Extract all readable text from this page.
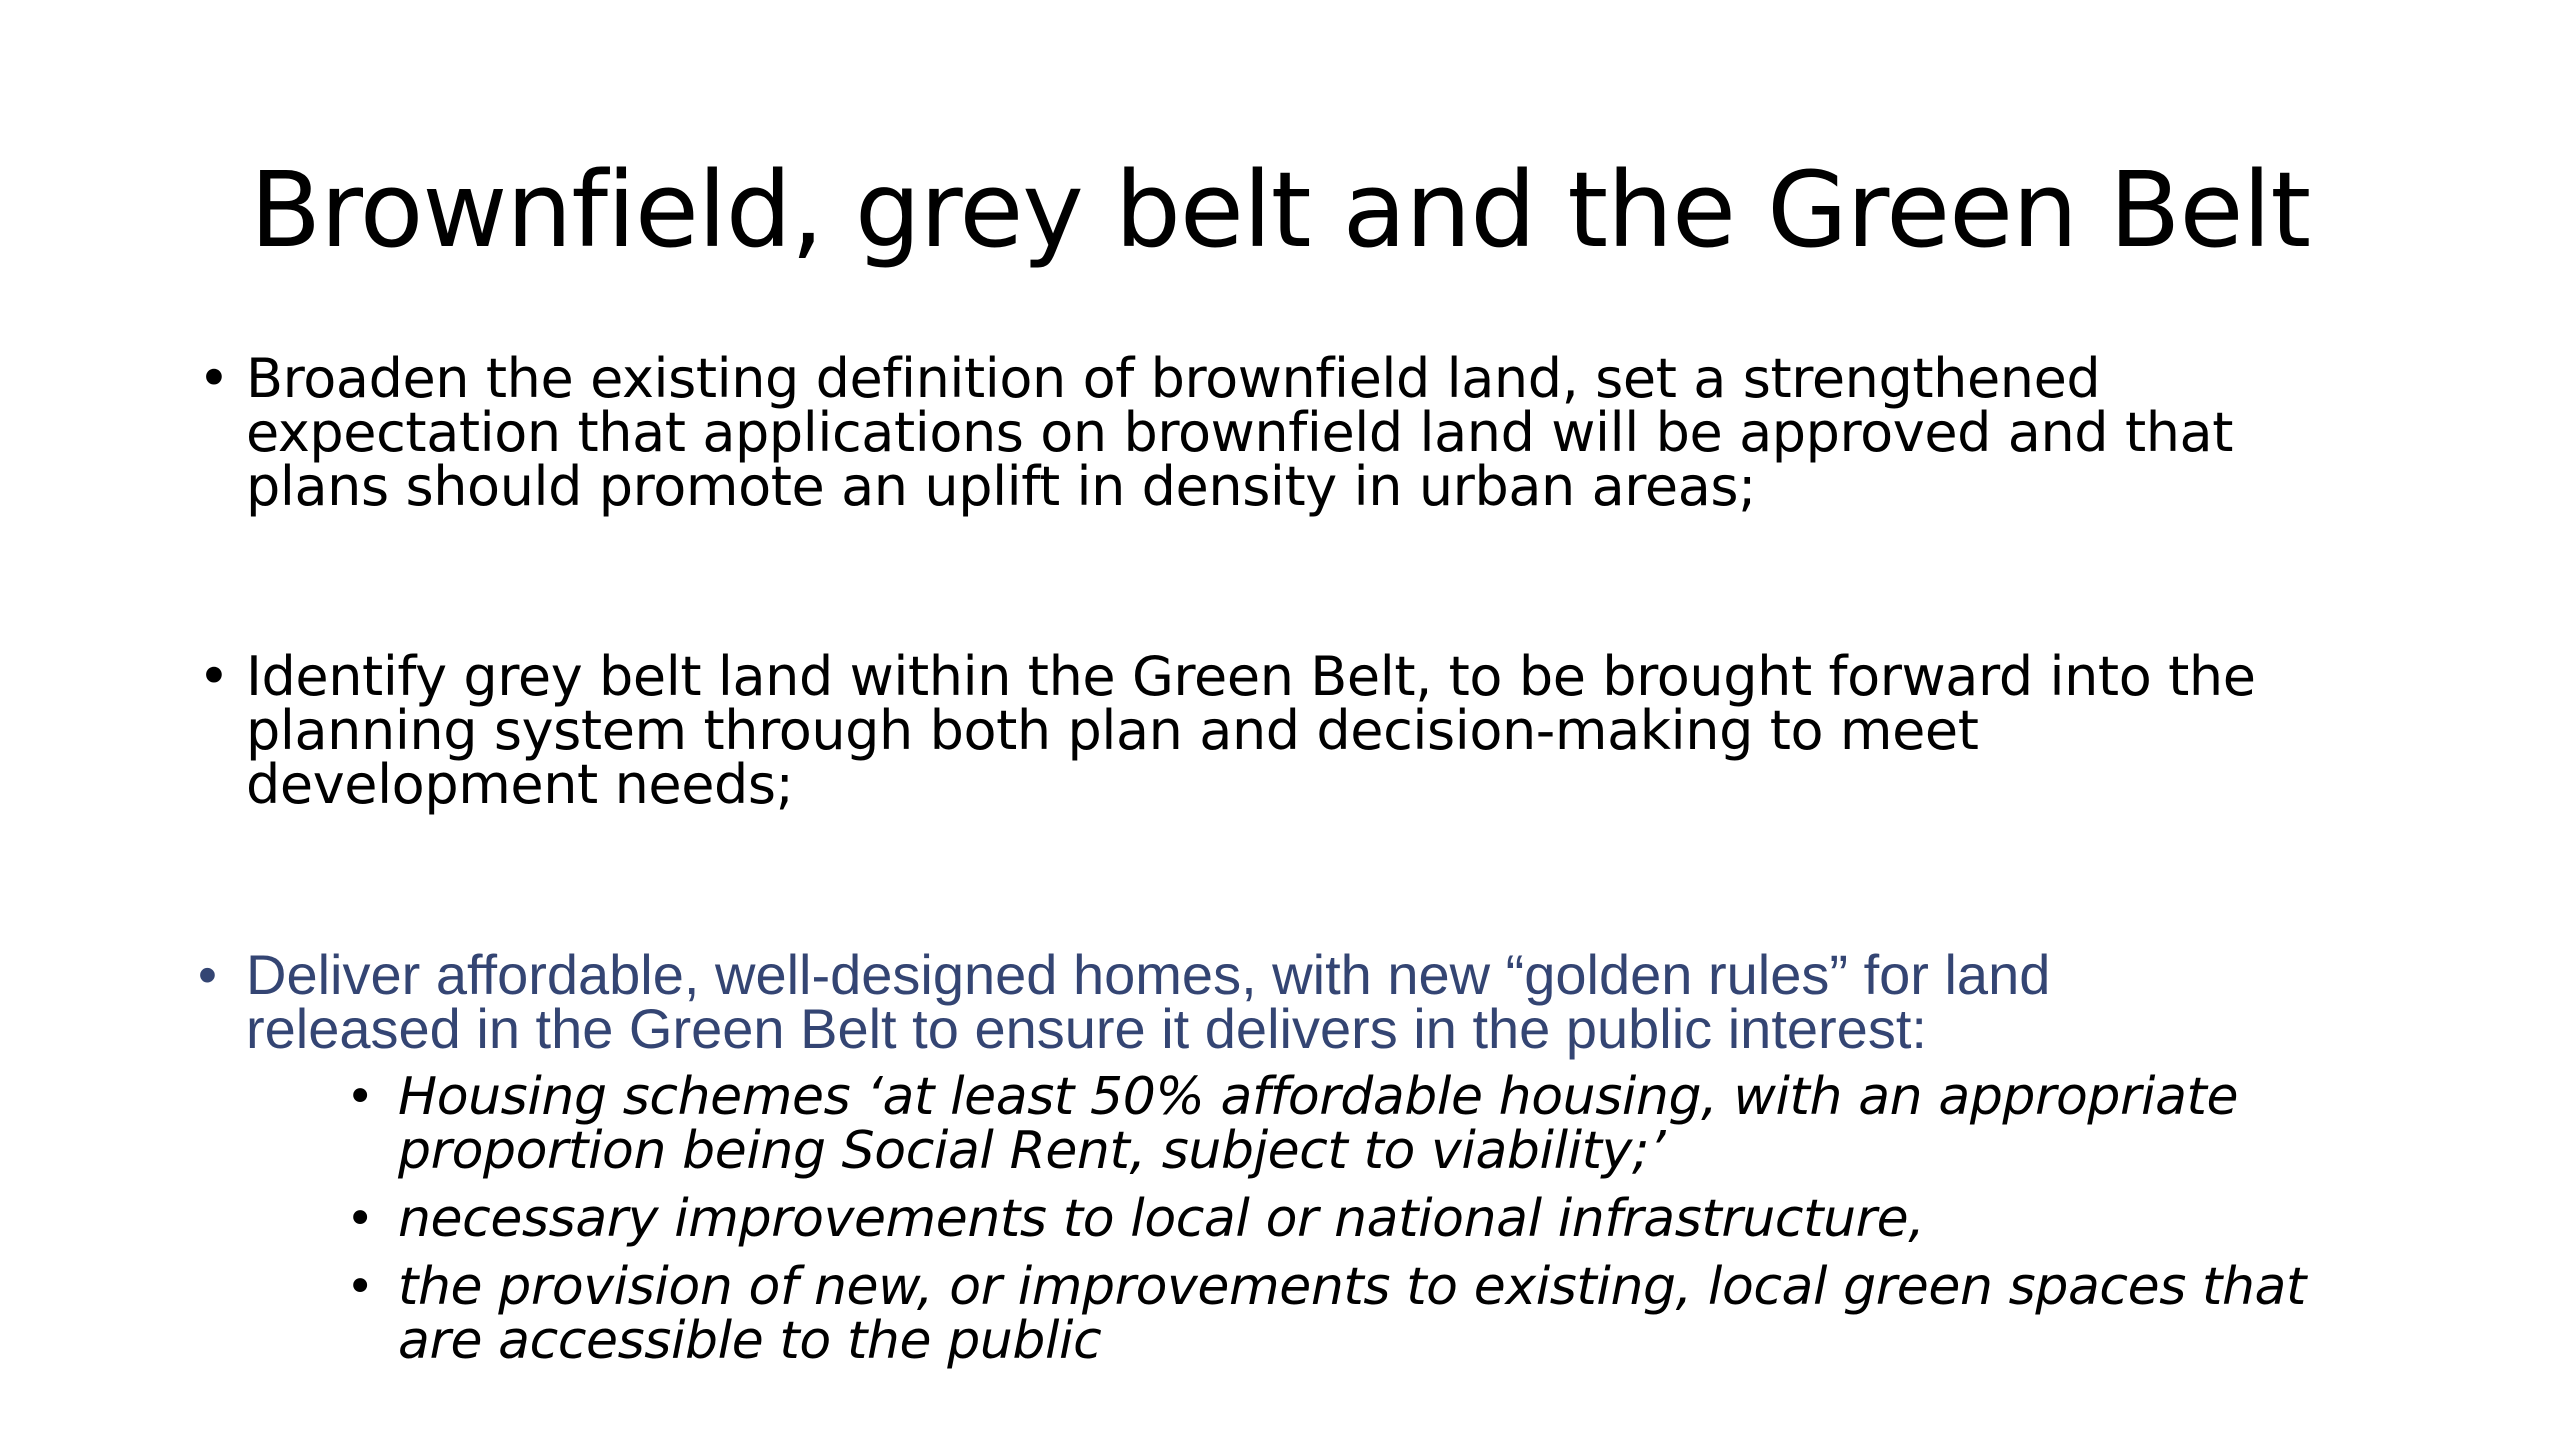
Brownfield, grey belt and the Green Belt
• Broaden the existing definition of brownfield land, set a strengthened
expectation that applications on brownfield land will be approved and that
plans should promote an uplift in density in urban areas;
• Identify grey belt land within the Green Belt, to be brought forward into the
planning system through both plan and decision-making to meet
development needs;
• Deliver affordable, well-designed homes, with new “golden rules” for land
released in the Green Belt to ensure it delivers in the public interest:
• Housing schemes ‘at least 50% affordable housing, with an appropriate
proportion being Social Rent, subject to viability;’
• necessary improvements to local or national infrastructure,
• the provision of new, or improvements to existing, local green spaces that
are accessible to the public
